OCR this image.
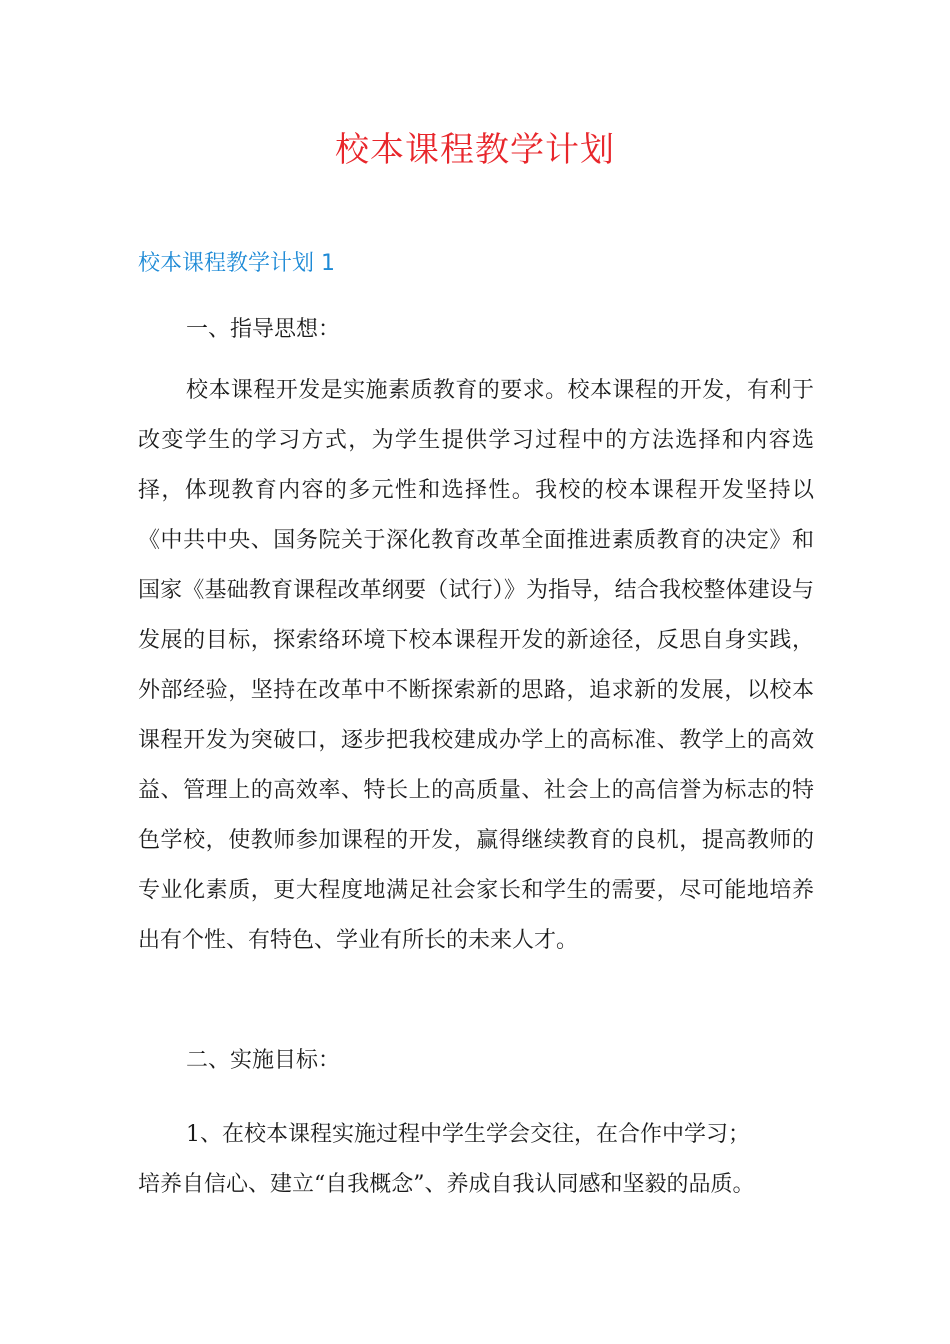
校本课程教学计划
校本课程教学计划 1

一、指导思想：

校本课程开发是实施素质教育的要求。校本课程的开发，有利于改变学生的学习方式，为学生提供学习过程中的方法选择和内容选择，体现教育内容的多元性和选择性。我校的校本课程开发坚持以《中共中央、国务院关于深化教育改革全面推进素质教育的决定》和国家《基础教育课程改革纲要（试行）》为指导，结合我校整体建设与发展的目标，探索络环境下校本课程开发的新途径，反思自身实践，外部经验，坚持在改革中不断探索新的思路，追求新的发展，以校本课程开发为突破口，逐步把我校建成办学上的高标准、教学上的高效益、管理上的高效率、特长上的高质量、社会上的高信誉为标志的特色学校，使教师参加课程的开发，赢得继续教育的良机，提高教师的专业化素质，更大程度地满足社会家长和学生的需要，尽可能地培养出有个性、有特色、学业有所长的未来人才。

二、实施目标：

1、在校本课程实施过程中学生学会交往，在合作中学习；
培养自信心、建立“自我概念”、养成自我认同感和坚毅的品质。
